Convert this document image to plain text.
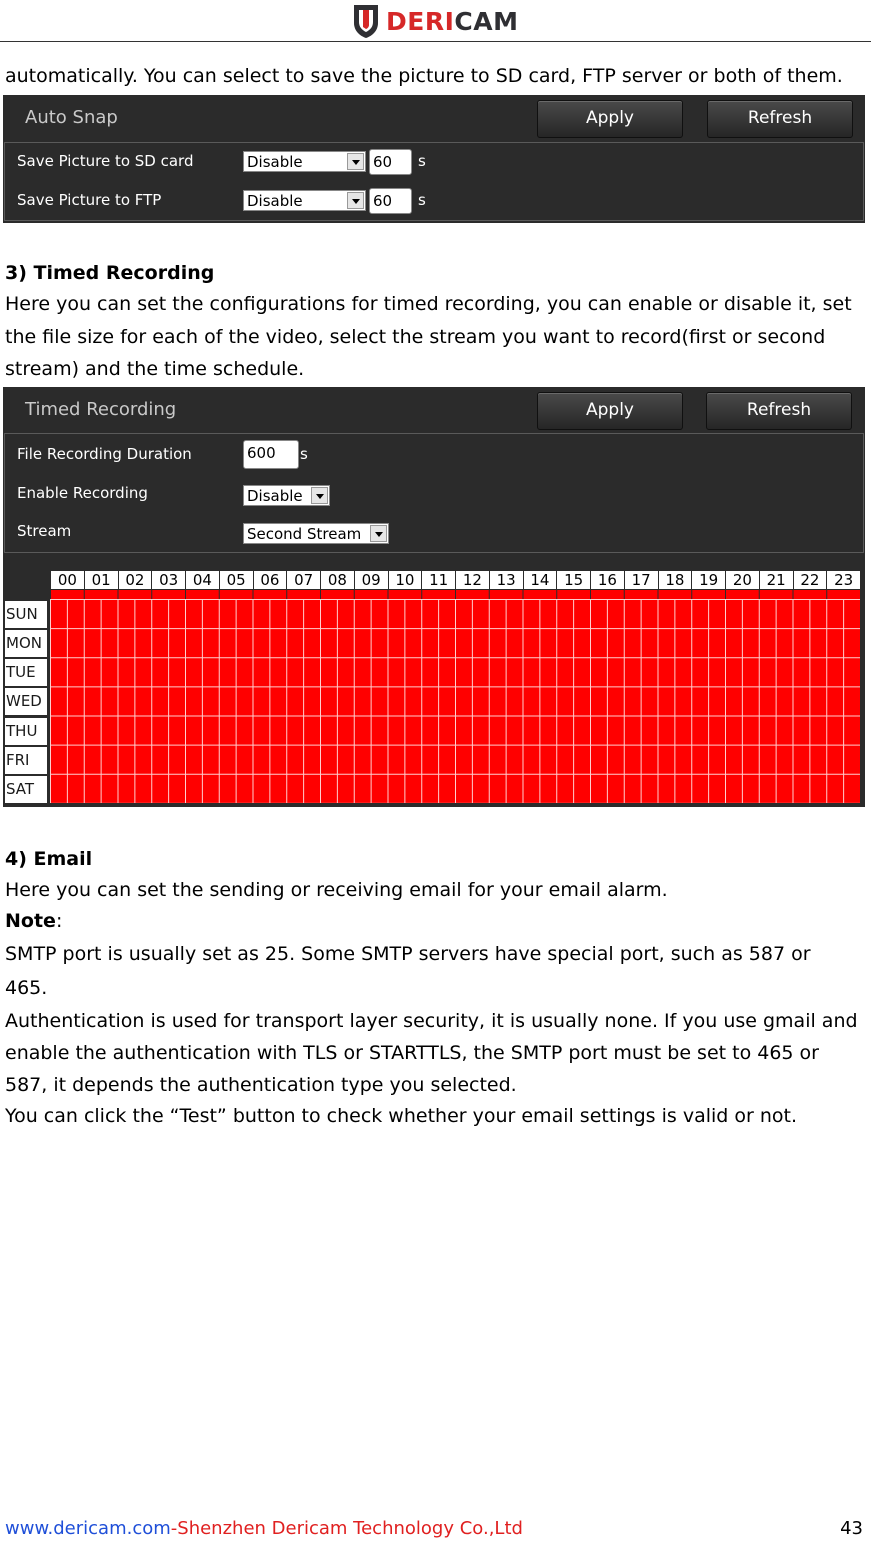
DERICAM
automatically. You can select to save the picture to SD card, FTP server or both of them.
Auto Snap	Apply	Refresh
Save Picture to SD card	Disable	60	s
Save Picture to FTP	Disable	60	s
3) Timed Recording
Here you can set the configurations for timed recording, you can enable or disable it, set
the file size for each of the video, select the stream you want to record(first or second
stream) and the time schedule.
Timed Recording	Apply	Refresh
File Recording Duration	600	s
Enable Recording	Disable
Stream	Second Stream
00 01 02 03 04 05 06 07 08 09 10 11 12 13 14 15 16 17 18 19 20 21 22 23
SUN
MON
TUE
WED
THU
FRI
SAT
4) Email
Here you can set the sending or receiving email for your email alarm.
Note:
SMTP port is usually set as 25. Some SMTP servers have special port, such as 587 or
465.
Authentication is used for transport layer security, it is usually none. If you use gmail and
enable the authentication with TLS or STARTTLS, the SMTP port must be set to 465 or
587, it depends the authentication type you selected.
You can click the “Test” button to check whether your email settings is valid or not.
www.dericam.com-Shenzhen Dericam Technology Co.,Ltd	43
